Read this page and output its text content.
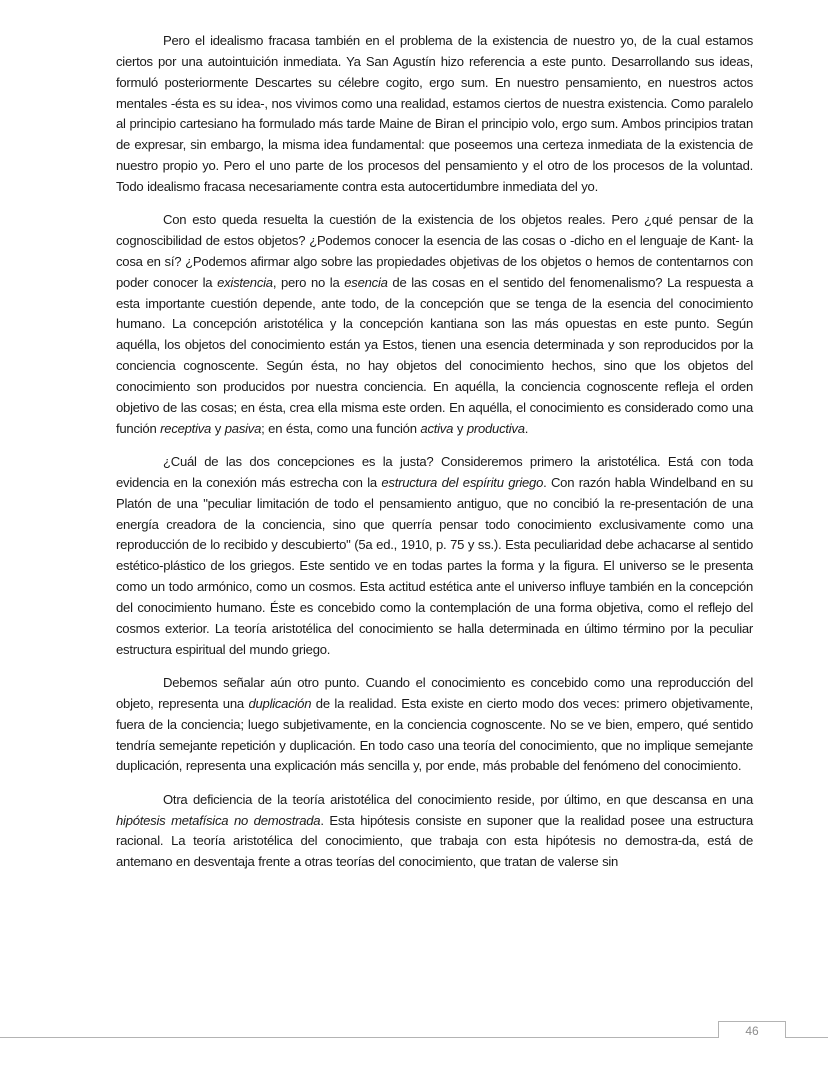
Pero el idealismo fracasa también en el problema de la existencia de nuestro yo, de la cual estamos ciertos por una autointuición inmediata. Ya San Agustín hizo referencia a este punto. Desarrollando sus ideas, formuló posteriormente Descartes su célebre cogito, ergo sum. En nuestro pensamiento, en nuestros actos mentales -ésta es su idea-, nos vivimos como una realidad, estamos ciertos de nuestra existencia. Como paralelo al principio cartesiano ha formulado más tarde Maine de Biran el principio volo, ergo sum. Ambos principios tratan de expresar, sin embargo, la misma idea fundamental: que poseemos una certeza inmediata de la existencia de nuestro propio yo. Pero el uno parte de los procesos del pensamiento y el otro de los procesos de la voluntad. Todo idealismo fracasa necesariamente contra esta autocertidumbre inmediata del yo.

Con esto queda resuelta la cuestión de la existencia de los objetos reales. Pero ¿qué pensar de la cognoscibilidad de estos objetos? ¿Podemos conocer la esencia de las cosas o -dicho en el lenguaje de Kant- la cosa en sí? ¿Podemos afirmar algo sobre las propiedades objetivas de los objetos o hemos de contentarnos con poder conocer la existencia, pero no la esencia de las cosas en el sentido del fenomenalismo? La respuesta a esta importante cuestión depende, ante todo, de la concepción que se tenga de la esencia del conocimiento humano. La concepción aristotélica y la concepción kantiana son las más opuestas en este punto. Según aquélla, los objetos del conocimiento están ya Estos, tienen una esencia determinada y son reproducidos por la conciencia cognoscente. Según ésta, no hay objetos del conocimiento hechos, sino que los objetos del conocimiento son producidos por nuestra conciencia. En aquélla, la conciencia cognoscente refleja el orden objetivo de las cosas; en ésta, crea ella misma este orden. En aquélla, el conocimiento es considerado como una función receptiva y pasiva; en ésta, como una función activa y productiva.

¿Cuál de las dos concepciones es la justa? Consideremos primero la aristotélica. Está con toda evidencia en la conexión más estrecha con la estructura del espíritu griego. Con razón habla Windelband en su Platón de una "peculiar limitación de todo el pensamiento antiguo, que no concibió la re-presentación de una energía creadora de la conciencia, sino que querría pensar todo conocimiento exclusivamente como una reproducción de lo recibido y descubierto" (5a ed., 1910, p. 75 y ss.). Esta peculiaridad debe achacarse al sentido estético-plástico de los griegos. Este sentido ve en todas partes la forma y la figura. El universo se le presenta como un todo armónico, como un cosmos. Esta actitud estética ante el universo influye también en la concepción del conocimiento humano. Éste es concebido como la contemplación de una forma objetiva, como el reflejo del cosmos exterior. La teoría aristotélica del conocimiento se halla determinada en último término por la peculiar estructura espiritual del mundo griego.

Debemos señalar aún otro punto. Cuando el conocimiento es concebido como una reproducción del objeto, representa una duplicación de la realidad. Esta existe en cierto modo dos veces: primero objetivamente, fuera de la conciencia; luego subjetivamente, en la conciencia cognoscente. No se ve bien, empero, qué sentido tendría semejante repetición y duplicación. En todo caso una teoría del conocimiento, que no implique semejante duplicación, representa una explicación más sencilla y, por ende, más probable del fenómeno del conocimiento.

Otra deficiencia de la teoría aristotélica del conocimiento reside, por último, en que descansa en una hipótesis metafísica no demostrada. Esta hipótesis consiste en suponer que la realidad posee una estructura racional. La teoría aristotélica del conocimiento, que trabaja con esta hipótesis no demostra-da, está de antemano en desventaja frente a otras teorías del conocimiento, que tratan de valerse sin

46
